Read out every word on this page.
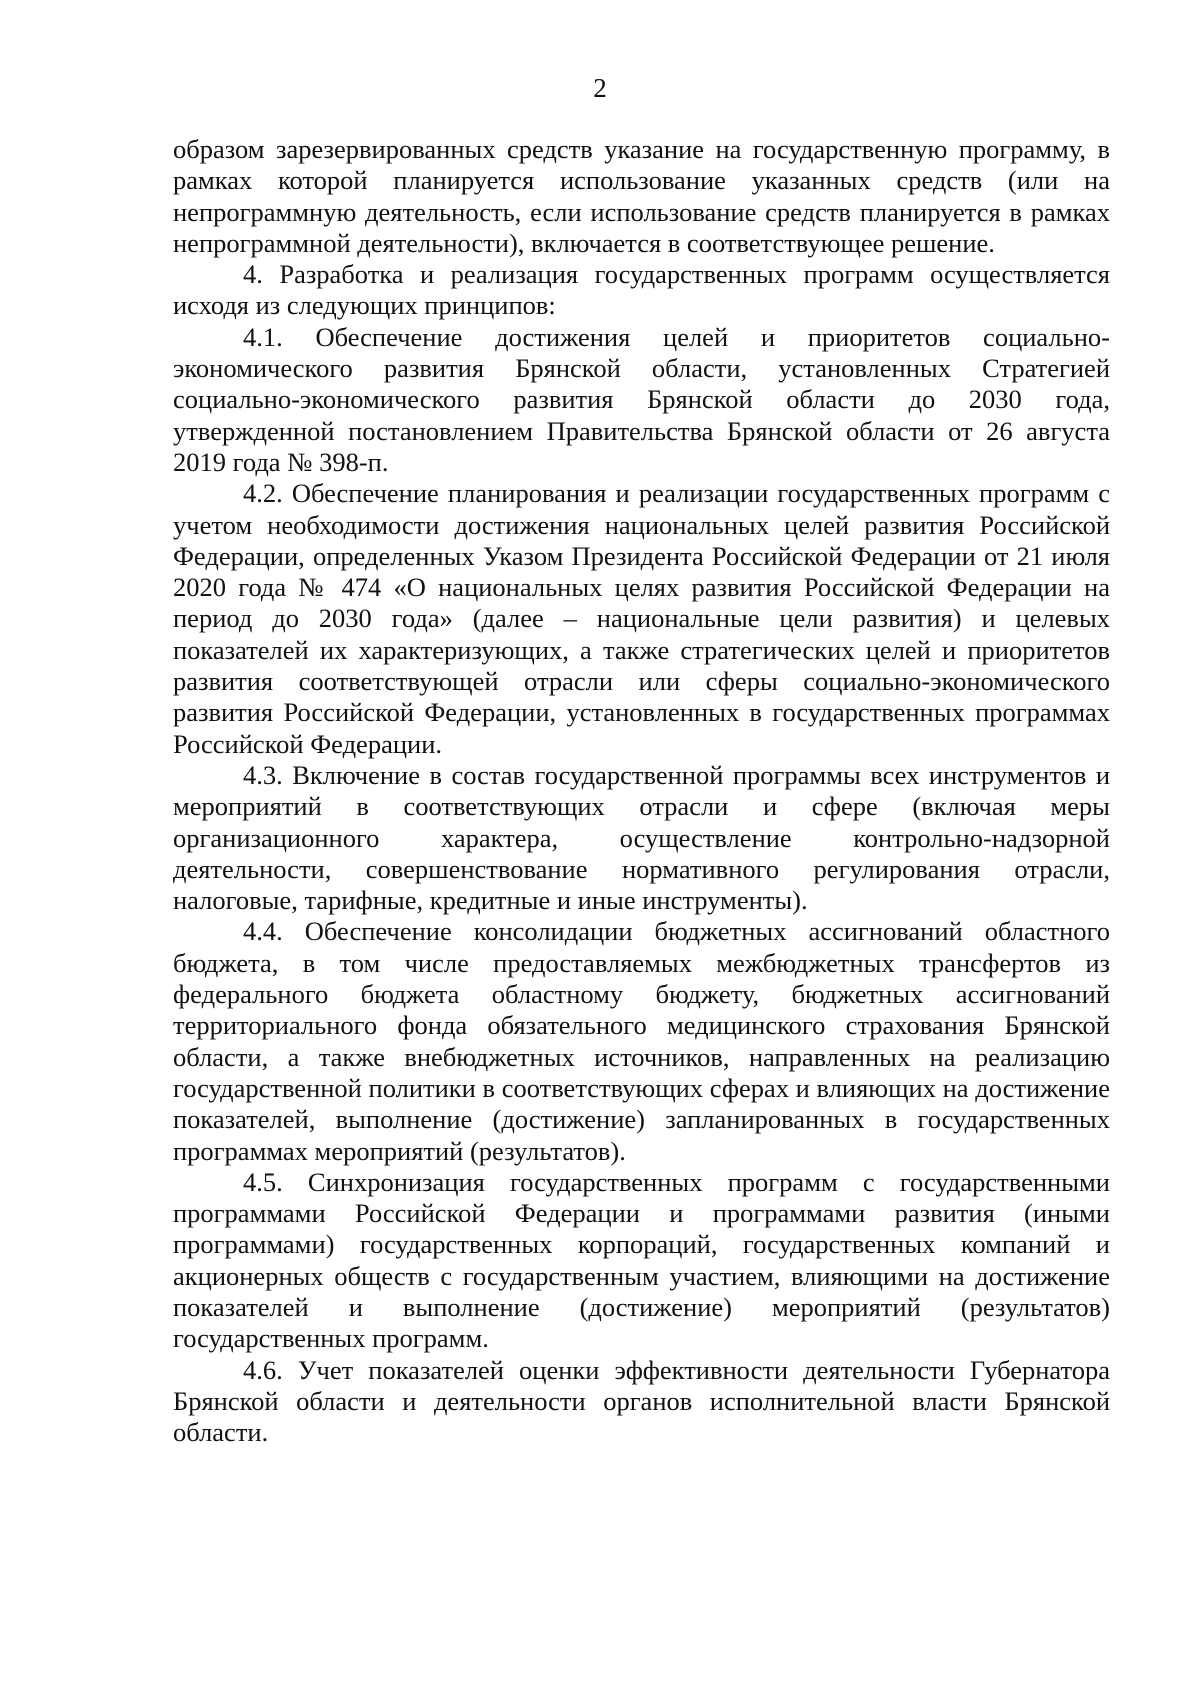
2

образом зарезервированных средств указание на государственную программу, в рамках которой планируется использование указанных средств (или на непрограммную деятельность, если использование средств планируется в рамках непрограммной деятельности), включается в соответствующее решение.

4. Разработка и реализация государственных программ осуществляется исходя из следующих принципов:

4.1. Обеспечение достижения целей и приоритетов социально-экономического развития Брянской области, установленных Стратегией социально-экономического развития Брянской области до 2030 года, утвержденной постановлением Правительства Брянской области от 26 августа 2019 года № 398-п.

4.2. Обеспечение планирования и реализации государственных программ с учетом необходимости достижения национальных целей развития Российской Федерации, определенных Указом Президента Российской Федерации от 21 июля 2020 года № 474 «О национальных целях развития Российской Федерации на период до 2030 года» (далее – национальные цели развития) и целевых показателей их характеризующих, а также стратегических целей и приоритетов развития соответствующей отрасли или сферы социально-экономического развития Российской Федерации, установленных в государственных программах Российской Федерации.

4.3. Включение в состав государственной программы всех инструментов и мероприятий в соответствующих отрасли и сфере (включая меры организационного характера, осуществление контрольно-надзорной деятельности, совершенствование нормативного регулирования отрасли, налоговые, тарифные, кредитные и иные инструменты).

4.4. Обеспечение консолидации бюджетных ассигнований областного бюджета, в том числе предоставляемых межбюджетных трансфертов из федерального бюджета областному бюджету, бюджетных ассигнований территориального фонда обязательного медицинского страхования Брянской области, а также внебюджетных источников, направленных на реализацию государственной политики в соответствующих сферах и влияющих на достижение показателей, выполнение (достижение) запланированных в государственных программах мероприятий (результатов).

4.5. Синхронизация государственных программ с государственными программами Российской Федерации и программами развития (иными программами) государственных корпораций, государственных компаний и акционерных обществ с государственным участием, влияющими на достижение показателей и выполнение (достижение) мероприятий (результатов) государственных программ.

4.6. Учет показателей оценки эффективности деятельности Губернатора Брянской области и деятельности органов исполнительной власти Брянской области.
